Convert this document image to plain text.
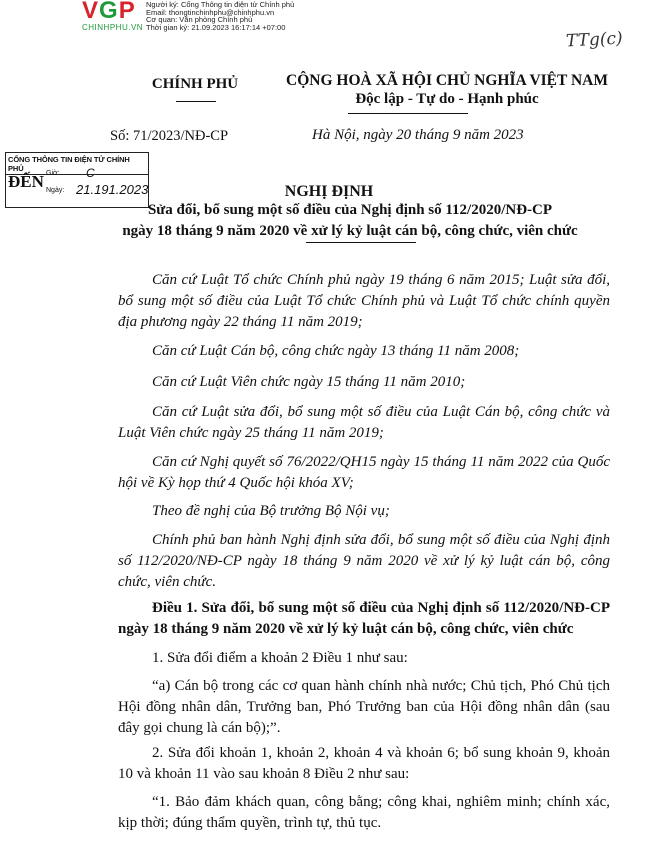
VGP
CHINHPHU.VN
Người ký: Cổng Thông tin điện tử Chính phủ
Email: thongtinchinhphu@chinhphu.vn
Cơ quan: Văn phòng Chính phủ
Thời gian ký: 21.09.2023 16:17:14 +07:00
TTg(c)
CHÍNH PHỦ	CỘNG HOÀ XÃ HỘI CHỦ NGHĨA VIỆT NAM
Độc lập - Tự do - Hạnh phúc
Số: 71/2023/NĐ-CP	Hà Nội, ngày 20 tháng 9 năm 2023
CỔNG THÔNG TIN ĐIỆN TỬ CHÍNH PHỦ
ĐẾN Giờ: C
Ngày: 21.191.2023	NGHỊ ĐỊNH
Sửa đổi, bổ sung một số điều của Nghị định số 112/2020/NĐ-CP
ngày 18 tháng 9 năm 2020 về xử lý kỷ luật cán bộ, công chức, viên chức
Căn cứ Luật Tổ chức Chính phủ ngày 19 tháng 6 năm 2015; Luật sửa đổi, bổ sung một số điều của Luật Tổ chức Chính phủ và Luật Tổ chức chính quyền địa phương ngày 22 tháng 11 năm 2019;
Căn cứ Luật Cán bộ, công chức ngày 13 tháng 11 năm 2008;
Căn cứ Luật Viên chức ngày 15 tháng 11 năm 2010;
Căn cứ Luật sửa đổi, bổ sung một số điều của Luật Cán bộ, công chức và Luật Viên chức ngày 25 tháng 11 năm 2019;
Căn cứ Nghị quyết số 76/2022/QH15 ngày 15 tháng 11 năm 2022 của Quốc hội về Kỳ họp thứ 4 Quốc hội khóa XV;
Theo đề nghị của Bộ trưởng Bộ Nội vụ;
Chính phủ ban hành Nghị định sửa đổi, bổ sung một số điều của Nghị định số 112/2020/NĐ-CP ngày 18 tháng 9 năm 2020 về xử lý kỷ luật cán bộ, công chức, viên chức.
Điều 1. Sửa đổi, bổ sung một số điều của Nghị định số 112/2020/NĐ-CP ngày 18 tháng 9 năm 2020 về xử lý kỷ luật cán bộ, công chức, viên chức
1. Sửa đổi điểm a khoản 2 Điều 1 như sau:
“a) Cán bộ trong các cơ quan hành chính nhà nước; Chủ tịch, Phó Chủ tịch Hội đồng nhân dân, Trưởng ban, Phó Trưởng ban của Hội đồng nhân dân (sau đây gọi chung là cán bộ);”.
2. Sửa đổi khoản 1, khoản 2, khoản 4 và khoản 6; bổ sung khoản 9, khoản 10 và khoản 11 vào sau khoản 8 Điều 2 như sau:
“1. Bảo đảm khách quan, công bằng; công khai, nghiêm minh; chính xác, kịp thời; đúng thẩm quyền, trình tự, thủ tục.
